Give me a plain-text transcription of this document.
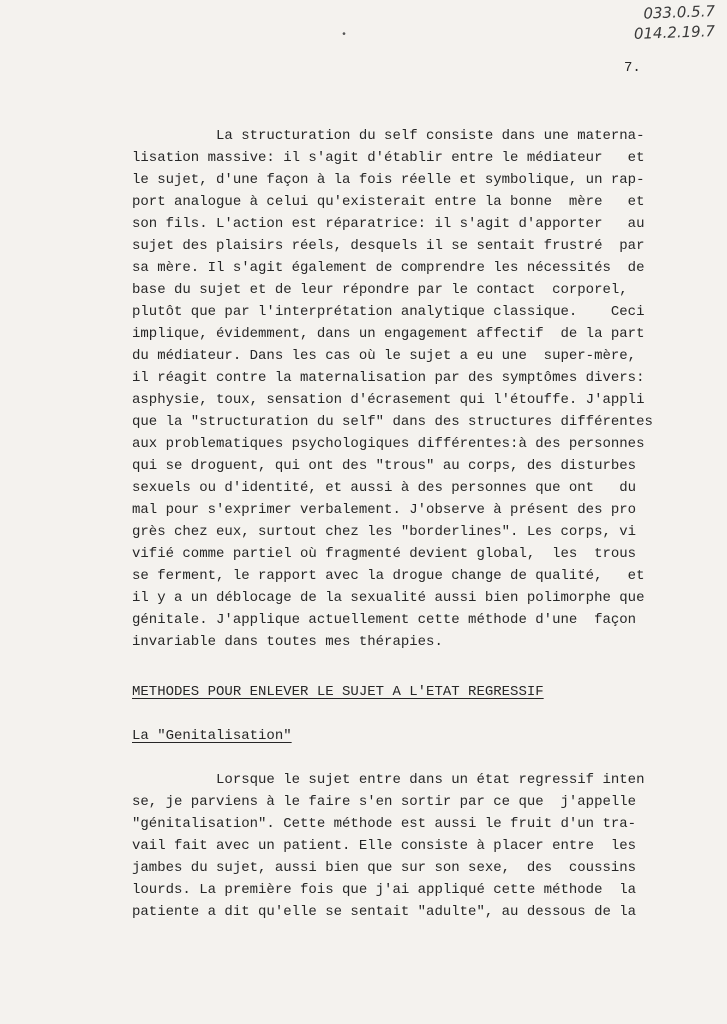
033.0.5.7
014.2.19.7
•
7.
La structuration du self consiste dans une materna-
lisation massive: il s'agit d'établir entre le médiateur   et
le sujet, d'une façon à la fois réelle et symbolique, un rap-
port analogue à celui qu'existerait entre la bonne  mère   et
son fils. L'action est réparatrice: il s'agit d'apporter   au
sujet des plaisirs réels, desquels il se sentait frustré  par
sa mère. Il s'agit également de comprendre les nécessités  de
base du sujet et de leur répondre par le contact  corporel,
plutôt que par l'interprétation analytique classique.    Ceci
implique, évidemment, dans un engagement affectif  de la part
du médiateur. Dans les cas où le sujet a eu une  super-mère,
il réagit contre la maternalisation par des symptômes divers:
asphysie, toux, sensation d'écrasement qui l'étouffe. J'appli
que la "structuration du self" dans des structures différentes
aux problematiques psychologiques différentes:à des personnes
qui se droguent, qui ont des "trous" au corps, des disturbes
sexuels ou d'identité, et aussi à des personnes que ont   du
mal pour s'exprimer verbalement. J'observe à présent des pro
grès chez eux, surtout chez les "borderlines". Les corps, vi
vifié comme partiel où fragmenté devient global,  les  trous
se ferment, le rapport avec la drogue change de qualité,   et
il y a un déblocage de la sexualité aussi bien polimorphe que
génitale. J'applique actuellement cette méthode d'une  façon
invariable dans toutes mes thérapies.
METHODES POUR ENLEVER LE SUJET A L'ETAT REGRESSIF
La "Genitalisation"
Lorsque le sujet entre dans un état regressif inten
se, je parviens à le faire s'en sortir par ce que  j'appelle
"génitalisation". Cette méthode est aussi le fruit d'un tra-
vail fait avec un patient. Elle consiste à placer entre  les
jambes du sujet, aussi bien que sur son sexe,  des  coussins
lourds. La première fois que j'ai appliqué cette méthode  la
patiente a dit qu'elle se sentait "adulte", au dessous de la
